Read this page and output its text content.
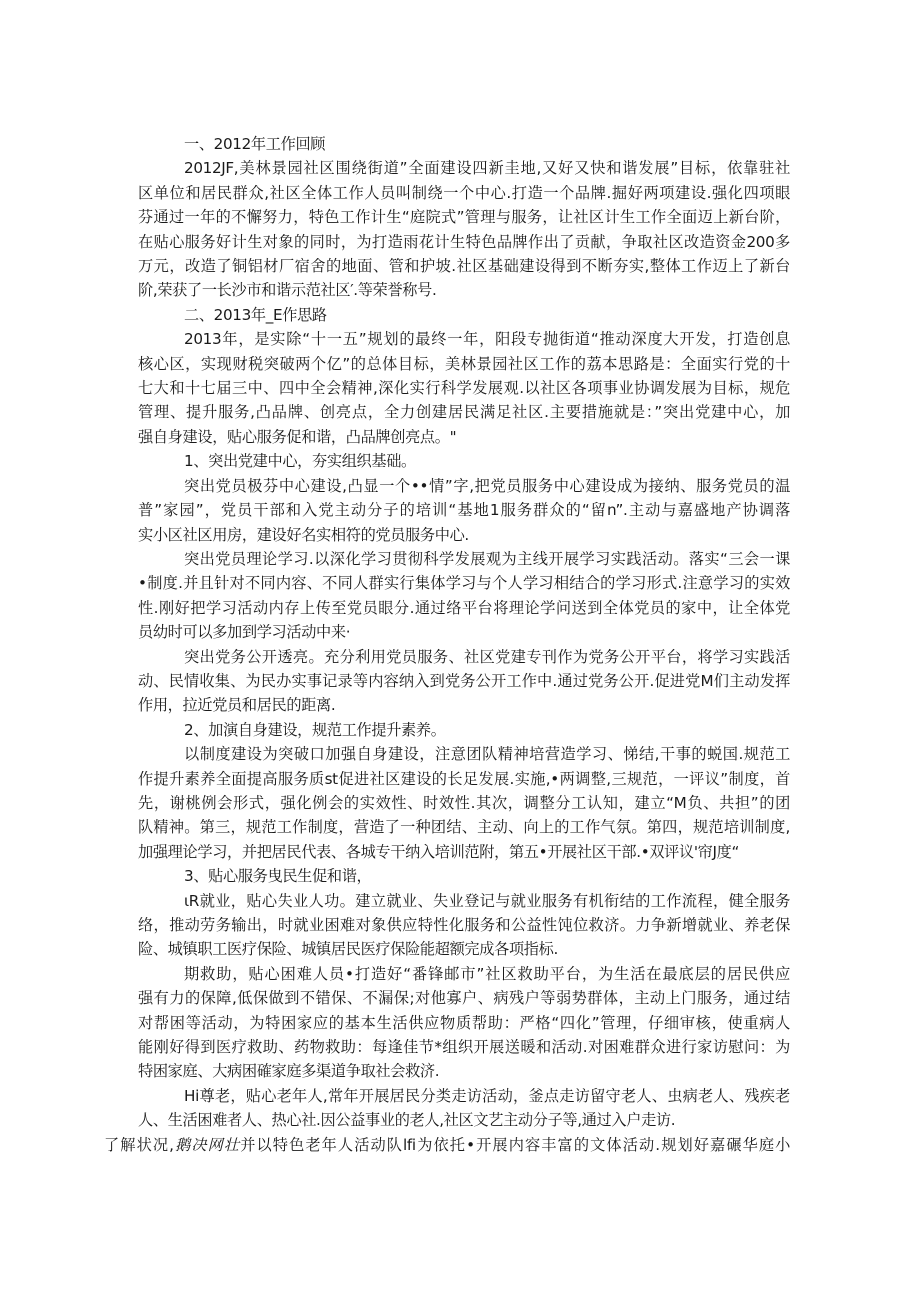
一、2012年工作回顾
2012JF,美林景园社区围绕街道”全面建设四新圭地,又好又快和谐发展”目标，依靠驻社
区单位和居民群众,社区全体工作人员叫制绕一个中心.打造一个品牌.掘好两项建设.强化四项眼
芬通过一年的不懈努力，特色工作计生“庭院式”管理与服务，让社区计生工作全面迈上新台阶，
在贴心服务好计生对象的同时，为打造雨花计生特色品牌作出了贡献，争取社区改造资金200多
万元，改造了铜铝材厂宿舍的地面、管和护坡.社区基础建设得到不断夯实,整体工作迈上了新台
阶,荣获了一长沙市和谐示范社区′.等荣誉称号.
二、2013年_E作思路
2013年，是实除“十一五”规划的最终一年，阳段专抛街道“推动深度大开发，打造创息
核心区，实现财税突破两个亿”的总体目标，美林景园社区工作的荔本思路是：全面实行党的十
七大和十七届三中、四中全会精神,深化实行科学发展观.以社区各项事业协调发展为目标，规危
管理、提升服务,凸品牌、创亮点，全力创建居民满足社区.主要措施就是：”突出党建中心，加
强自身建设，贴心服务促和谐，凸品牌创亮点。"
1、突出党建中心，夯实组织基础。
突出党员极芬中心建设,凸显一个••情”字,把党员服务中心建设成为接纳、服务党员的温
普”家园”，党员干部和入党主动分子的培训“基地1服务群众的“留n”.主动与嘉盛地产协调落
实小区社区用房，建设好名实相符的党员服务中心.
突出党员理论学习.以深化学习贯彻科学发展观为主线开展学习实践活动。落实“三会一课
•制度.并且针对不同内容、不同人群实行集体学习与个人学习相结合的学习形式.注意学习的实效
性.刚好把学习活动内存上传至党员眼分.通过络平台将理论学问送到全体党员的家中，让全体党
员幼时可以多加到学习活动中来·
突出党务公开透亮。充分利用党员服务、社区党建专刊作为党务公开平台，将学习实践活
动、民情收集、为民办实事记录等内容纳入到党务公开工作中.通过党务公开.促进党M们主动发挥
作用，拉近党员和居民的距离.
2、加演自身建设，规范工作提升素养。
以制度建设为突破口加强自身建设，注意团队精神培营造学习、悌结,干事的蜕国.规范工
作提升素养全面提高服务质st促进社区建设的长足发展.实施,•两调整,三规范，一评议”制度，首
先，谢桃例会形式，强化例会的实效性、时效性.其次，调整分工认知，建立“M负、共担”的团
队精神。第三，规范工作制度，营造了一种团结、主动、向上的工作气氛。第四，规范培训制度,
加强理论学习，并把居民代表、各城专干纳入培训范附，第五•开展社区干部.•双评议'帘J度“
3、贴心服务曳民生促和谐，
ιR就业，贴心失业人功。建立就业、失业登记与就业服务有机衔结的工作流程，健全服务
络，推动劳务输出，时就业困难对象供应特性化服务和公益性饨位救济。力争新增就业、养老保
险、城镇职工医疗保险、城镇居民医疗保险能超额完成各项指标.
期救助，贴心困难人员•打造好“番锋邮市”社区救助平台，为生活在最底层的居民供应
强有力的保障,低保做到不错保、不漏保;对他寡户、病残户等弱势群体，主动上门服务，通过结
对帮困等活动，为特困家应的基本生活供应物质帮助：严格“四化”管理，仔细审核，使重病人
能刚好得到医疗救助、药物救助：每逢佳节*组织开展送暖和活动.对困难群众进行家访慰问：为
特困家庭、大病困確家庭多渠道争取社会救济.
Hi尊老，贴心老年人,常年开展居民分类走访活动，釜点走访留守老人、虫病老人、残疾老
人、生活困难者人、热心社.因公益事业的老人,社区文艺主动分子等,通过入户走访.
了解状况,鹅决网壮并以特色老年人活动队lfi为依托•开展内容丰富的文体活动.规划好嘉碾华庭小
